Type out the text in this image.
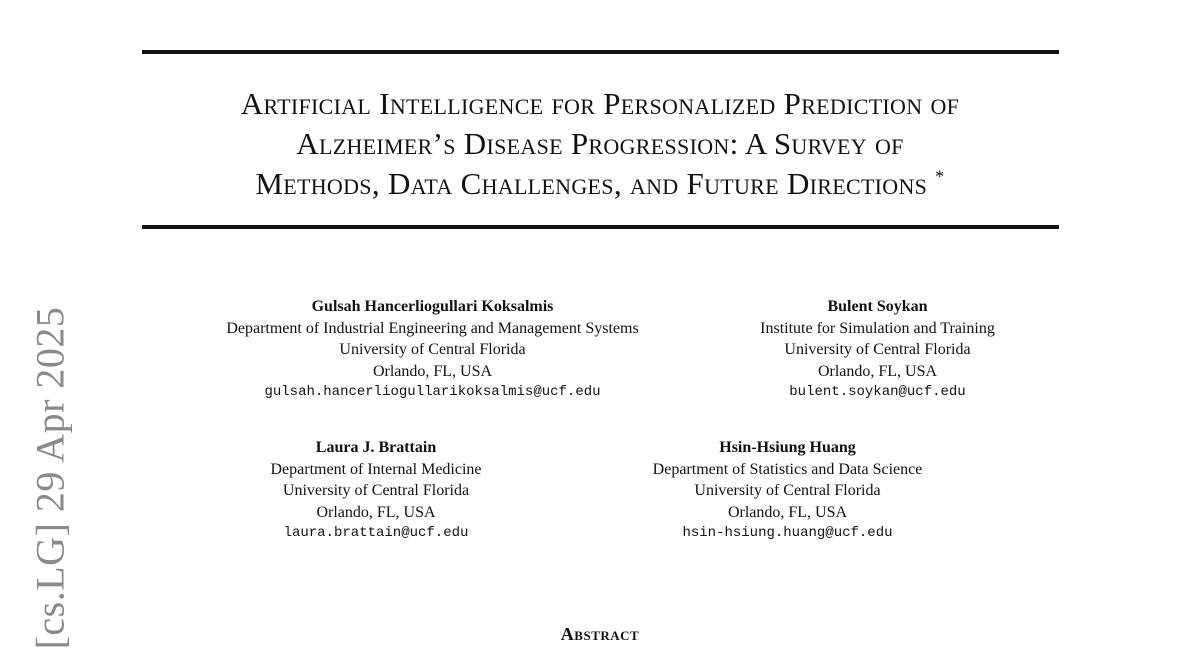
Artificial Intelligence for Personalized Prediction of
Alzheimer’s Disease Progression: A Survey of
Methods, Data Challenges, and Future Directions *
Gulsah Hancerliogullari Koksalmis
Department of Industrial Engineering and Management Systems
University of Central Florida
Orlando, FL, USA
gulsah.hancerliogullarikoksalmis@ucf.edu
Bulent Soykan
Institute for Simulation and Training
University of Central Florida
Orlando, FL, USA
bulent.soykan@ucf.edu
Laura J. Brattain
Department of Internal Medicine
University of Central Florida
Orlando, FL, USA
laura.brattain@ucf.edu
Hsin-Hsiung Huang
Department of Statistics and Data Science
University of Central Florida
Orlando, FL, USA
hsin-hsiung.huang@ucf.edu
Abstract
[cs.LG] 29 Apr 2025
